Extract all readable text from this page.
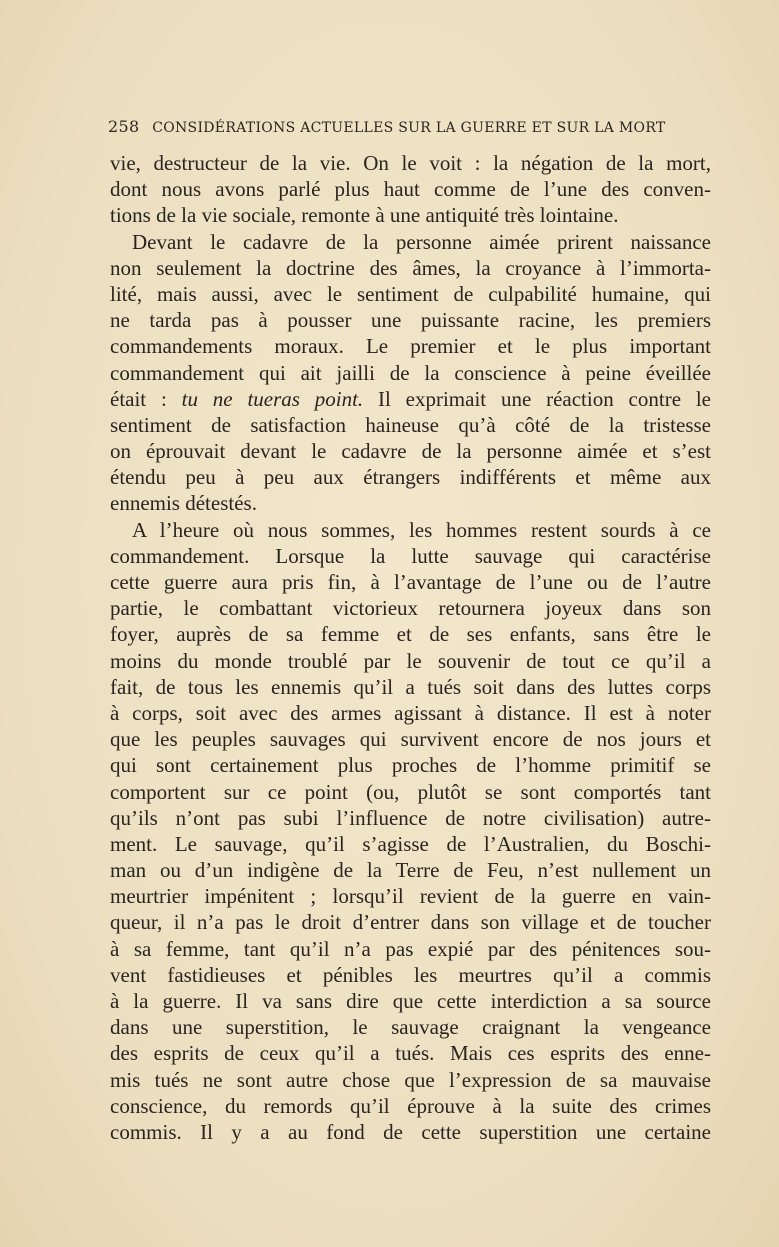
258 CONSIDÉRATIONS ACTUELLES SUR LA GUERRE ET SUR LA MORT
vie, destructeur de la vie. On le voit : la négation de la mort,
dont nous avons parlé plus haut comme de l’une des conven-
tions de la vie sociale, remonte à une antiquité très lointaine.
Devant le cadavre de la personne aimée prirent naissance
non seulement la doctrine des âmes, la croyance à l’immorta-
lité, mais aussi, avec le sentiment de culpabilité humaine, qui
ne tarda pas à pousser une puissante racine, les premiers
commandements moraux. Le premier et le plus important
commandement qui ait jailli de la conscience à peine éveillée
était : tu ne tueras point. Il exprimait une réaction contre le
sentiment de satisfaction haineuse qu’à côté de la tristesse
on éprouvait devant le cadavre de la personne aimée et s’est
étendu peu à peu aux étrangers indifférents et même aux
ennemis détestés.
A l’heure où nous sommes, les hommes restent sourds à ce
commandement. Lorsque la lutte sauvage qui caractérise
cette guerre aura pris fin, à l’avantage de l’une ou de l’autre
partie, le combattant victorieux retournera joyeux dans son
foyer, auprès de sa femme et de ses enfants, sans être le
moins du monde troublé par le souvenir de tout ce qu’il a
fait, de tous les ennemis qu’il a tués soit dans des luttes corps
à corps, soit avec des armes agissant à distance. Il est à noter
que les peuples sauvages qui survivent encore de nos jours et
qui sont certainement plus proches de l’homme primitif se
comportent sur ce point (ou, plutôt se sont comportés tant
qu’ils n’ont pas subi l’influence de notre civilisation) autre-
ment. Le sauvage, qu’il s’agisse de l’Australien, du Boschi-
man ou d’un indigène de la Terre de Feu, n’est nullement un
meurtrier impénitent ; lorsqu’il revient de la guerre en vain-
queur, il n’a pas le droit d’entrer dans son village et de toucher
à sa femme, tant qu’il n’a pas expié par des pénitences sou-
vent fastidieuses et pénibles les meurtres qu’il a commis
à la guerre. Il va sans dire que cette interdiction a sa source
dans une superstition, le sauvage craignant la vengeance
des esprits de ceux qu’il a tués. Mais ces esprits des enne-
mis tués ne sont autre chose que l’expression de sa mauvaise
conscience, du remords qu’il éprouve à la suite des crimes
commis. Il y a au fond de cette superstition une certaine
